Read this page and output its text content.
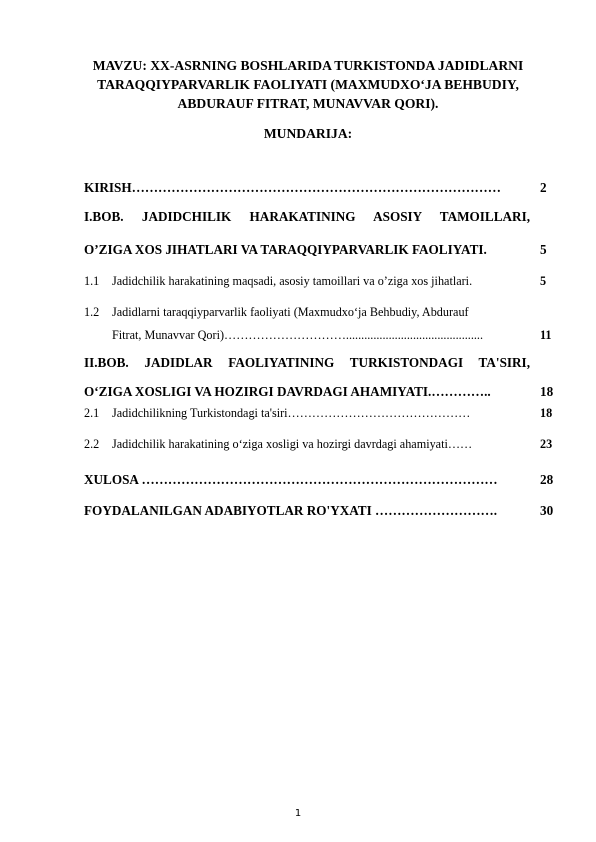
MAVZU: XX-ASRNING BOSHLARIDA TURKISTONDA JADIDLARNI
TARAQQIYPARVARLIK FAOLIYATI (MAXMUDXO‘JA BEHBUDIY,
ABDURAUF FITRAT, MUNAVVAR QORI).
MUNDARIJA:
KIRISH…………………………………………………………………………	2
I.BOB. JADIDCHILIK HARAKATINING ASOSIY TAMOILLARI,
O’ZIGA XOS JIHATLARI VA TARAQQIYPARVARLIK FAOLIYATI.	5
1.1 Jadidchilik harakatining maqsadi, asosiy tamoillari va o’ziga xos jihatlari.	5
1.2 Jadidlarni taraqqiyparvarlik faoliyati (Maxmudxo‘ja Behbudiy, Abdurauf
Fitrat, Munavvar Qori)………………………….............................................	11
II.BOB. JADIDLAR FAOLIYATINING TURKISTONDAGI TA'SIRI,
O‘ZIGA XOSLIGI VA HOZIRGI DAVRDAGI AHAMIYATI.…………..	18
2.1 Jadidchilikning Turkistondagi ta'siri………………………………………	18
2.2 Jadidchilik harakatining o‘ziga xosligi va hozirgi davrdagi ahamiyati……	23
XULOSA ………………………………………………………………………	28
FOYDALANILGAN ADABIYOTLAR RO'YXATI ……………………….	30
1
